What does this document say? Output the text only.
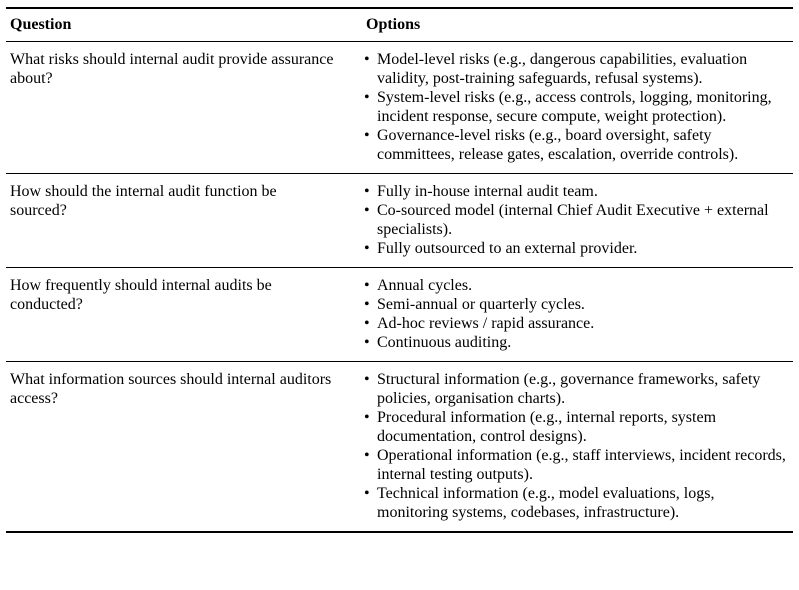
Question	Options
What risks should internal audit provide assurance about?
• Model-level risks (e.g., dangerous capabilities, evaluation validity, post-training safeguards, refusal systems).
• System-level risks (e.g., access controls, logging, monitoring, incident response, secure compute, weight protection).
• Governance-level risks (e.g., board oversight, safety committees, release gates, escalation, override controls).
How should the internal audit function be sourced?
• Fully in-house internal audit team.
• Co-sourced model (internal Chief Audit Executive + external specialists).
• Fully outsourced to an external provider.
How frequently should internal audits be conducted?
• Annual cycles.
• Semi-annual or quarterly cycles.
• Ad-hoc reviews / rapid assurance.
• Continuous auditing.
What information sources should internal auditors access?
• Structural information (e.g., governance frameworks, safety policies, organisation charts).
• Procedural information (e.g., internal reports, system documentation, control designs).
• Operational information (e.g., staff interviews, incident records, internal testing outputs).
• Technical information (e.g., model evaluations, logs, monitoring systems, codebases, infrastructure).
